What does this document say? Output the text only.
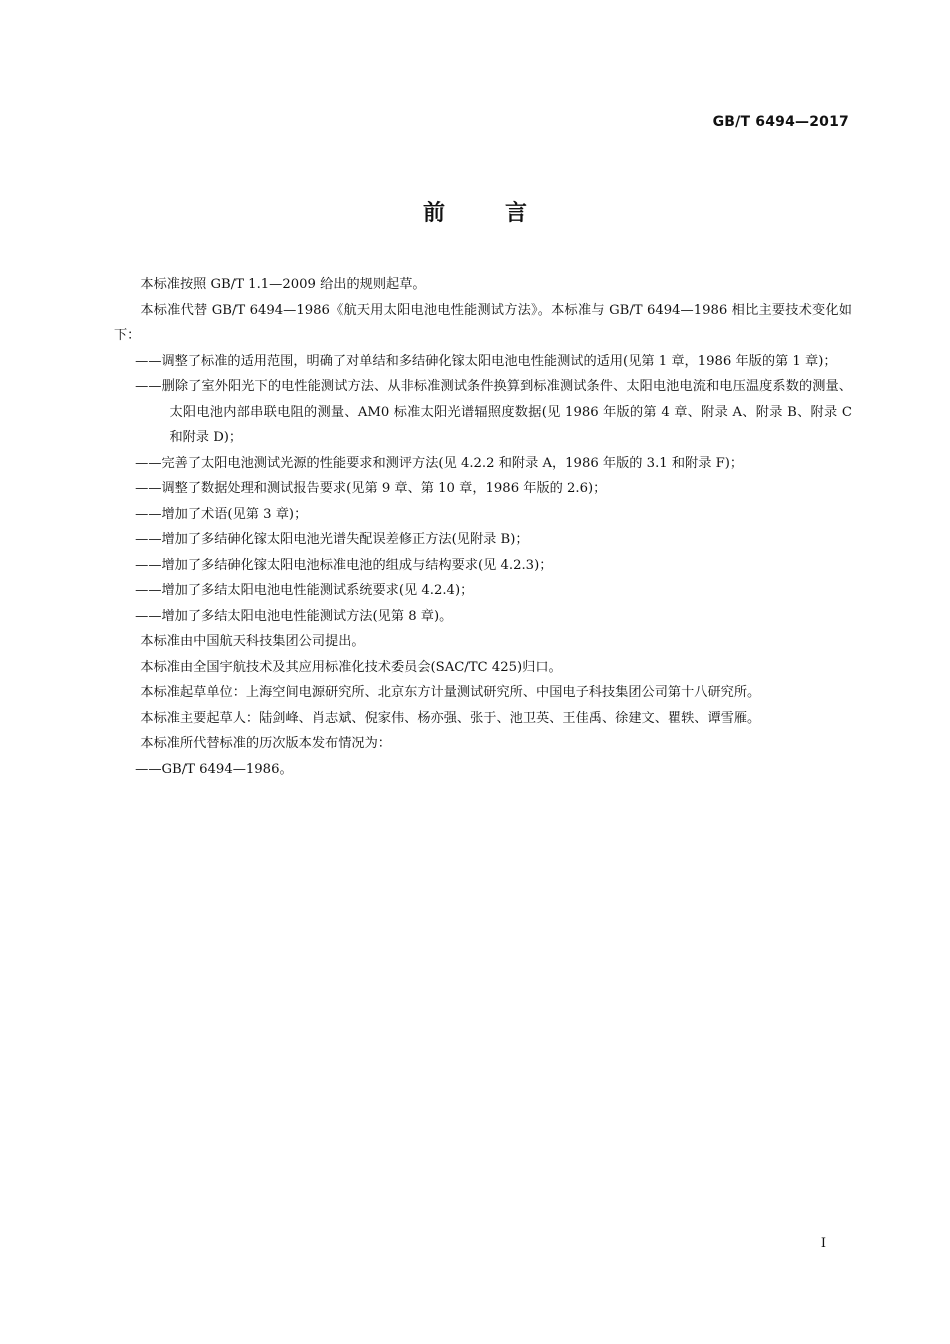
GB/T 6494—2017
前言

本标准按照 GB/T 1.1—2009 给出的规则起草。

本标准代替 GB/T 6494—1986《航天用太阳电池电性能测试方法》。本标准与 GB/T 6494—1986 相比主要技术变化如下：

——调整了标准的适用范围，明确了对单结和多结砷化镓太阳电池电性能测试的适用(见第 1 章，1986 年版的第 1 章)；

——删除了室外阳光下的电性能测试方法、从非标准测试条件换算到标准测试条件、太阳电池电流和电压温度系数的测量、太阳电池内部串联电阻的测量、AM0 标准太阳光谱辐照度数据(见 1986 年版的第 4 章、附录 A、附录 B、附录 C 和附录 D)；

——完善了太阳电池测试光源的性能要求和测评方法(见 4.2.2 和附录 A，1986 年版的 3.1 和附录 F)；

——调整了数据处理和测试报告要求(见第 9 章、第 10 章，1986 年版的 2.6)；

——增加了术语(见第 3 章)；

——增加了多结砷化镓太阳电池光谱失配误差修正方法(见附录 B)；

——增加了多结砷化镓太阳电池标准电池的组成与结构要求(见 4.2.3)；

——增加了多结太阳电池电性能测试系统要求(见 4.2.4)；

——增加了多结太阳电池电性能测试方法(见第 8 章)。

本标准由中国航天科技集团公司提出。

本标准由全国宇航技术及其应用标准化技术委员会(SAC/TC 425)归口。

本标准起草单位：上海空间电源研究所、北京东方计量测试研究所、中国电子科技集团公司第十八研究所。

本标准主要起草人：陆剑峰、肖志斌、倪家伟、杨亦强、张于、池卫英、王佳禹、徐建文、瞿轶、谭雪雁。

本标准所代替标准的历次版本发布情况为：

——GB/T 6494—1986。

I
